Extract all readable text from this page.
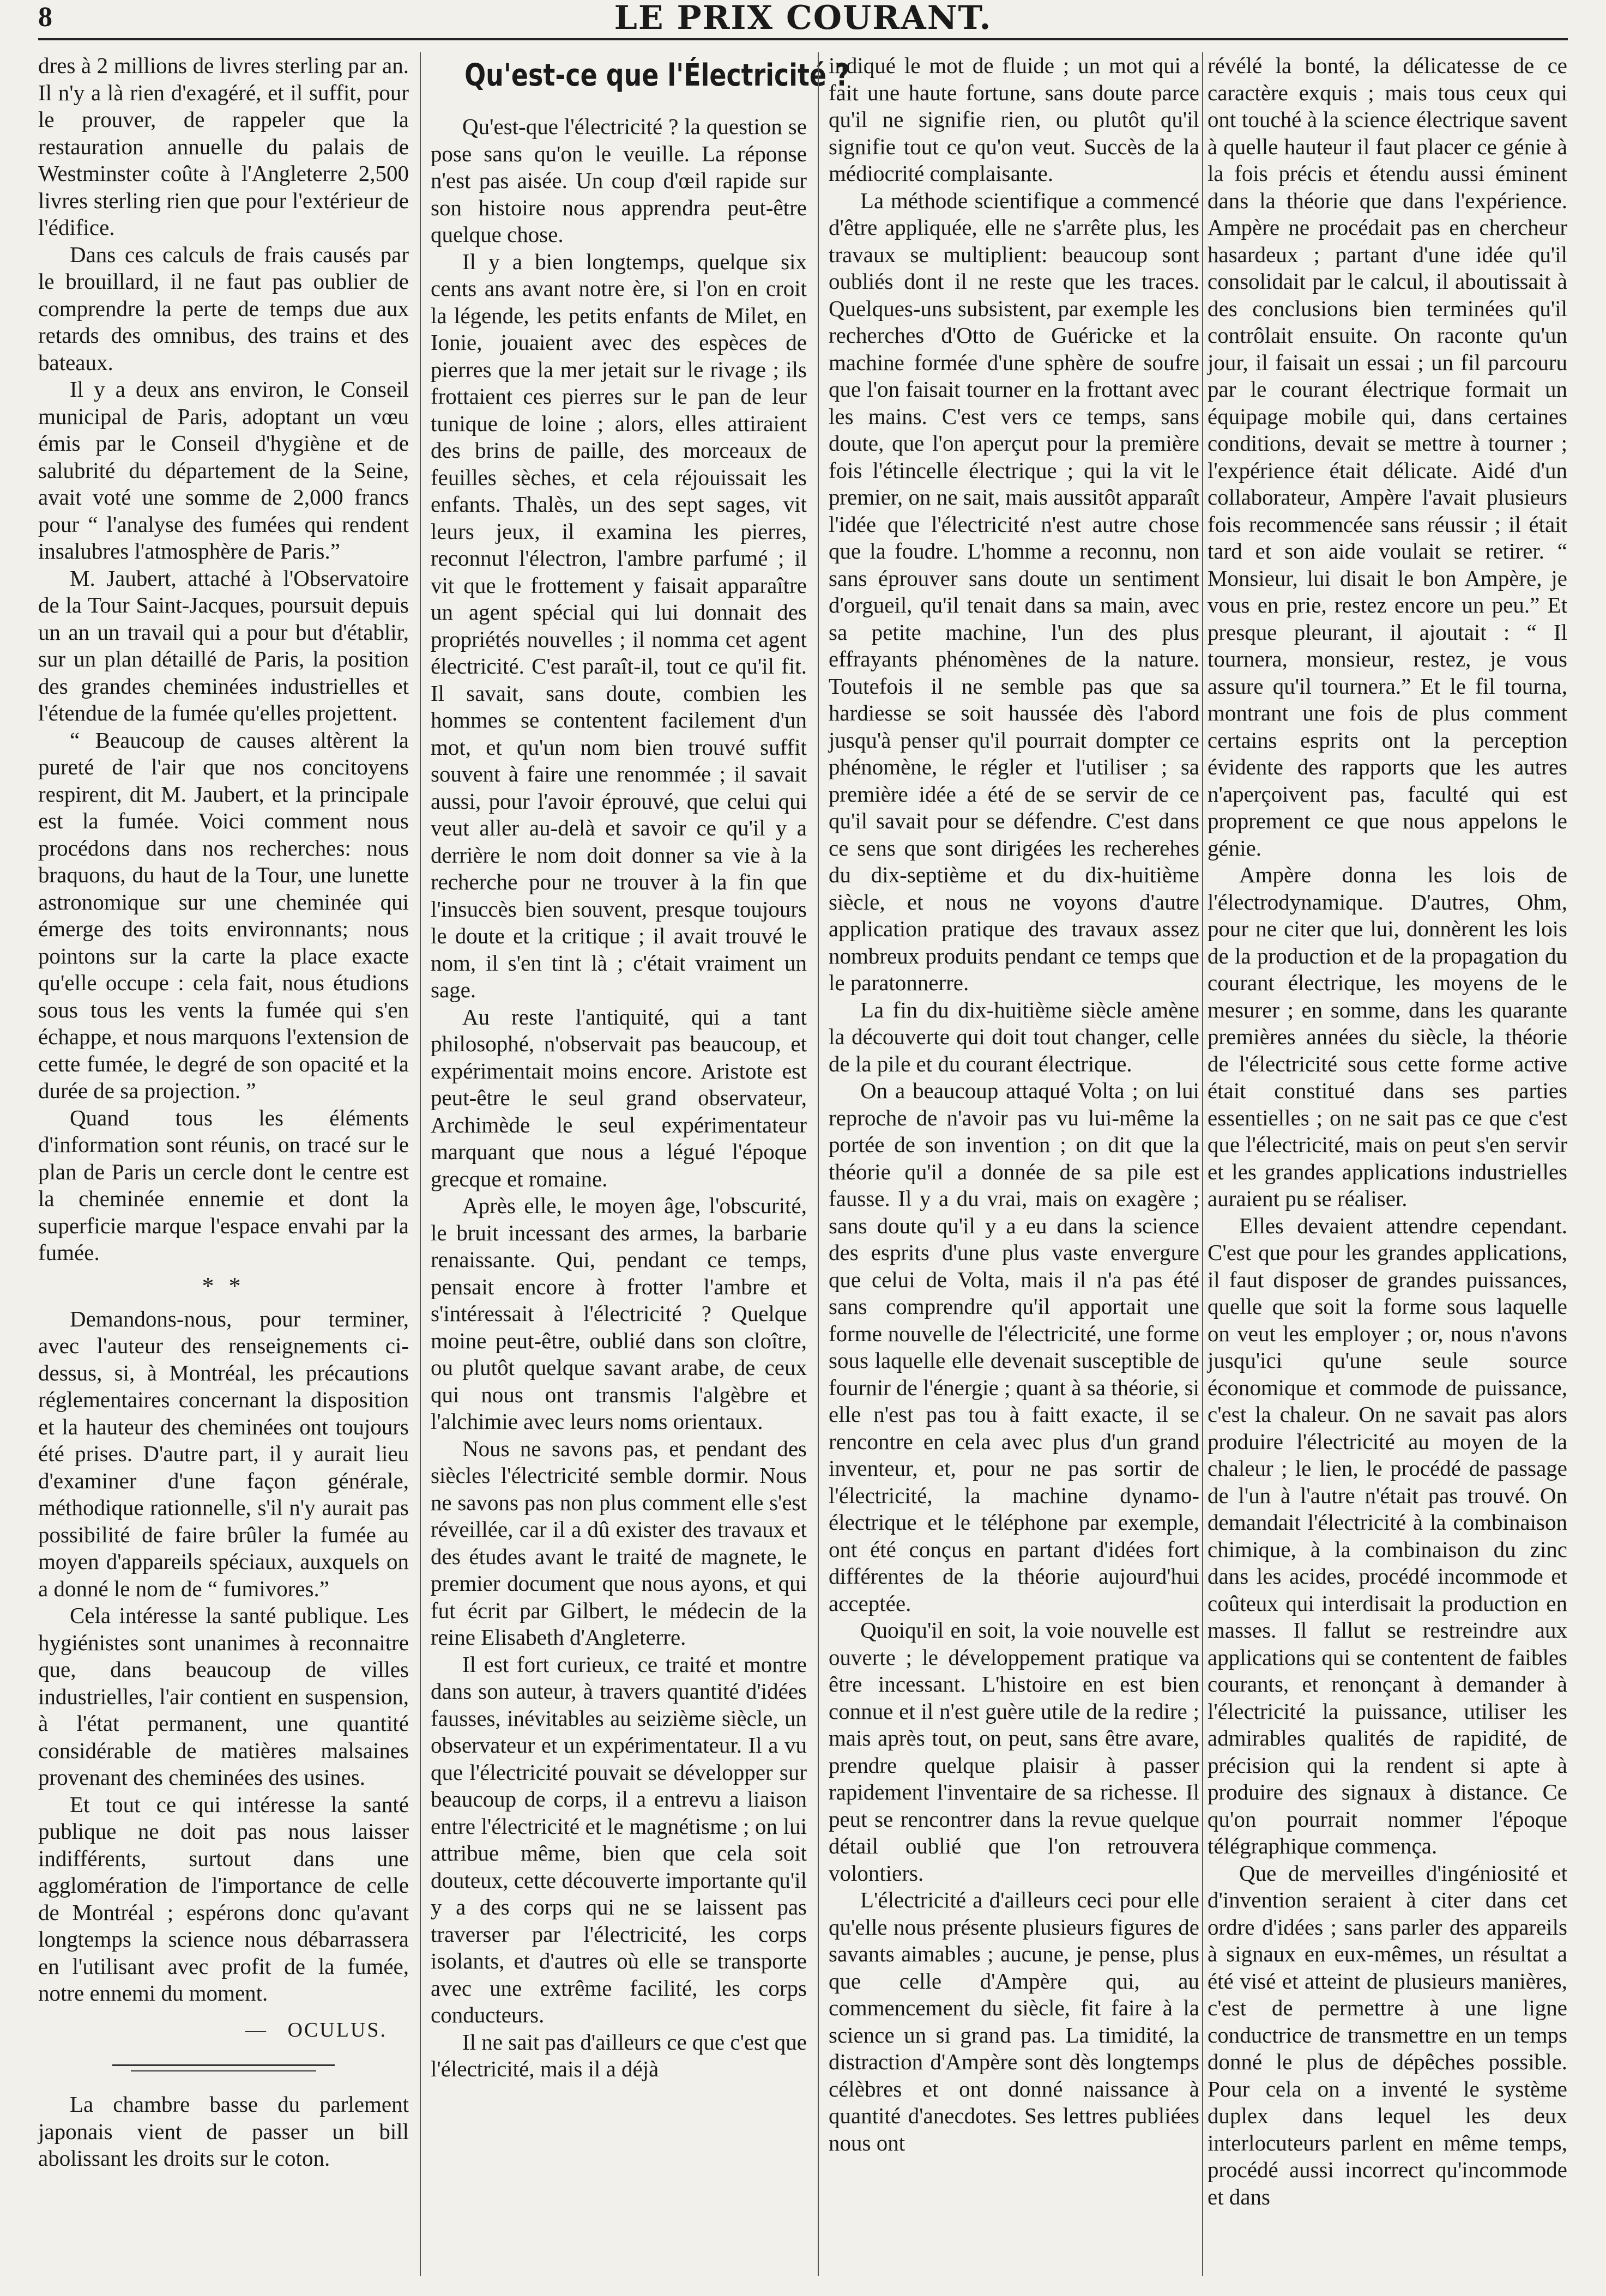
8	LE PRIX COURANT.

dres à 2 millions de livres sterling par an. Il n'y a là rien d'exagéré, et il suffit, pour le prouver, de rappeler que la restauration annuelle du palais de Westminster coûte à l'Angleterre 2,500 livres sterling rien que pour l'extérieur de l'édifice.

Dans ces calculs de frais causés par le brouillard, il ne faut pas oublier de comprendre la perte de temps due aux retards des omnibus, des trains et des bateaux.

Il y a deux ans environ, le Conseil municipal de Paris, adoptant un vœu émis par le Conseil d'hygiène et de salubrité du département de la Seine, avait voté une somme de 2,000 francs pour “ l'analyse des fumées qui rendent insalubres l'atmosphère de Paris.”

M. Jaubert, attaché à l'Observatoire de la Tour Saint-Jacques, poursuit depuis un an un travail qui a pour but d'établir, sur un plan détaillé de Paris, la position des grandes cheminées industrielles et l'étendue de la fumée qu'elles projettent.

“ Beaucoup de causes altèrent la pureté de l'air que nos concitoyens respirent, dit M. Jaubert, et la principale est la fumée. Voici comment nous procédons dans nos recherches: nous braquons, du haut de la Tour, une lunette astronomique sur une cheminée qui émerge des toits environnants; nous pointons sur la carte la place exacte qu'elle occupe : cela fait, nous étudions sous tous les vents la fumée qui s'en échappe, et nous marquons l'extension de cette fumée, le degré de son opacité et la durée de sa projection. ”

Quand tous les éléments d'information sont réunis, on tracé sur le plan de Paris un cercle dont le centre est la cheminée ennemie et dont la superficie marque l'espace envahi par la fumée.

* *

Demandons-nous, pour terminer, avec l'auteur des renseignements ci-dessus, si, à Montréal, les précautions réglementaires concernant la disposition et la hauteur des cheminées ont toujours été prises. D'autre part, il y aurait lieu d'examiner d'une façon générale, méthodique rationnelle, s'il n'y aurait pas possibilité de faire brûler la fumée au moyen d'appareils spéciaux, auxquels on a donné le nom de “ fumivores.”

Cela intéresse la santé publique. Les hygiénistes sont unanimes à reconnaitre que, dans beaucoup de villes industrielles, l'air contient en suspension, à l'état permanent, une quantité considérable de matières malsaines provenant des cheminées des usines.

Et tout ce qui intéresse la santé publique ne doit pas nous laisser indifférents, surtout dans une agglomération de l'importance de celle de Montréal ; espérons donc qu'avant longtemps la science nous débarrassera en l'utilisant avec profit de la fumée, notre ennemi du moment.

— OCULUS.

La chambre basse du parlement japonais vient de passer un bill abolissant les droits sur le coton.

Qu'est-ce que l'Électricité ?

Qu'est-que l'électricité ? la question se pose sans qu'on le veuille. La réponse n'est pas aisée. Un coup d'œil rapide sur son histoire nous apprendra peut-être quelque chose.

Il y a bien longtemps, quelque six cents ans avant notre ère, si l'on en croit la légende, les petits enfants de Milet, en Ionie, jouaient avec des espèces de pierres que la mer jetait sur le rivage ; ils frottaient ces pierres sur le pan de leur tunique de loine ; alors, elles attiraient des brins de paille, des morceaux de feuilles sèches, et cela réjouissait les enfants. Thalès, un des sept sages, vit leurs jeux, il examina les pierres, reconnut l'électron, l'ambre parfumé ; il vit que le frottement y faisait apparaître un agent spécial qui lui donnait des propriétés nouvelles ; il nomma cet agent électricité. C'est paraît-il, tout ce qu'il fit. Il savait, sans doute, combien les hommes se contentent facilement d'un mot, et qu'un nom bien trouvé suffit souvent à faire une renommée ; il savait aussi, pour l'avoir éprouvé, que celui qui veut aller au-delà et savoir ce qu'il y a derrière le nom doit donner sa vie à la recherche pour ne trouver à la fin que l'insuccès bien souvent, presque toujours le doute et la critique ; il avait trouvé le nom, il s'en tint là ; c'était vraiment un sage.

Au reste l'antiquité, qui a tant philosophé, n'observait pas beaucoup, et expérimentait moins encore. Aristote est peut-être le seul grand observateur, Archimède le seul expérimentateur marquant que nous a légué l'époque grecque et romaine.

Après elle, le moyen âge, l'obscurité, le bruit incessant des armes, la barbarie renaissante. Qui, pendant ce temps, pensait encore à frotter l'ambre et s'intéressait à l'électricité ? Quelque moine peut-être, oublié dans son cloître, ou plutôt quelque savant arabe, de ceux qui nous ont transmis l'algèbre et l'alchimie avec leurs noms orientaux.

Nous ne savons pas, et pendant des siècles l'électricité semble dormir. Nous ne savons pas non plus comment elle s'est réveillée, car il a dû exister des travaux et des études avant le traité de magnete, le premier document que nous ayons, et qui fut écrit par Gilbert, le médecin de la reine Elisabeth d'Angleterre.

Il est fort curieux, ce traité et montre dans son auteur, à travers quantité d'idées fausses, inévitables au seizième siècle, un observateur et un expérimentateur. Il a vu que l'électricité pouvait se développer sur beaucoup de corps, il a entrevu a liaison entre l'électricité et le magnétisme ; on lui attribue même, bien que cela soit douteux, cette découverte importante qu'il y a des corps qui ne se laissent pas traverser par l'électricité, les corps isolants, et d'autres où elle se transporte avec une extrême facilité, les corps conducteurs.

Il ne sait pas d'ailleurs ce que c'est que l'électricité, mais il a déjà

indiqué le mot de fluide ; un mot qui a fait une haute fortune, sans doute parce qu'il ne signifie rien, ou plutôt qu'il signifie tout ce qu'on veut. Succès de la médiocrité complaisante.

La méthode scientifique a commencé d'être appliquée, elle ne s'arrête plus, les travaux se multiplient: beaucoup sont oubliés dont il ne reste que les traces. Quelques-uns subsistent, par exemple les recherches d'Otto de Guéricke et la machine formée d'une sphère de soufre que l'on faisait tourner en la frottant avec les mains. C'est vers ce temps, sans doute, que l'on aperçut pour la première fois l'étincelle électrique ; qui la vit le premier, on ne sait, mais aussitôt apparaît l'idée que l'électricité n'est autre chose que la foudre. L'homme a reconnu, non sans éprouver sans doute un sentiment d'orgueil, qu'il tenait dans sa main, avec sa petite machine, l'un des plus effrayants phénomènes de la nature. Toutefois il ne semble pas que sa hardiesse se soit haussée dès l'abord jusqu'à penser qu'il pourrait dompter ce phénomène, le régler et l'utiliser ; sa première idée a été de se servir de ce qu'il savait pour se défendre. C'est dans ce sens que sont dirigées les recherehes du dix-septième et du dix-huitième siècle, et nous ne voyons d'autre application pratique des travaux assez nombreux produits pendant ce temps que le paratonnerre.

La fin du dix-huitième siècle amène la découverte qui doit tout changer, celle de la pile et du courant électrique.

On a beaucoup attaqué Volta ; on lui reproche de n'avoir pas vu lui-même la portée de son invention ; on dit que la théorie qu'il a donnée de sa pile est fausse. Il y a du vrai, mais on exagère ; sans doute qu'il y a eu dans la science des esprits d'une plus vaste envergure que celui de Volta, mais il n'a pas été sans comprendre qu'il apportait une forme nouvelle de l'électricité, une forme sous laquelle elle devenait susceptible de fournir de l'énergie ; quant à sa théorie, si elle n'est pas tou à faitt exacte, il se rencontre en cela avec plus d'un grand inventeur, et, pour ne pas sortir de l'électricité, la machine dynamo-électrique et le téléphone par exemple, ont été conçus en partant d'idées fort différentes de la théorie aujourd'hui acceptée.

Quoiqu'il en soit, la voie nouvelle est ouverte ; le développement pratique va être incessant. L'histoire en est bien connue et il n'est guère utile de la redire ; mais après tout, on peut, sans être avare, prendre quelque plaisir à passer rapidement l'inventaire de sa richesse. Il peut se rencontrer dans la revue quelque détail oublié que l'on retrouvera volontiers.

L'électricité a d'ailleurs ceci pour elle qu'elle nous présente plusieurs figures de savants aimables ; aucune, je pense, plus que celle d'Ampère qui, au commencement du siècle, fit faire à la science un si grand pas. La timidité, la distraction d'Ampère sont dès longtemps célèbres et ont donné naissance à quantité d'anecdotes. Ses lettres publiées nous ont

révélé la bonté, la délicatesse de ce caractère exquis ; mais tous ceux qui ont touché à la science électrique savent à quelle hauteur il faut placer ce génie à la fois précis et étendu aussi éminent dans la théorie que dans l'expérience. Ampère ne procédait pas en chercheur hasardeux ; partant d'une idée qu'il consolidait par le calcul, il aboutissait à des conclusions bien terminées qu'il contrôlait ensuite. On raconte qu'un jour, il faisait un essai ; un fil parcouru par le courant électrique formait un équipage mobile qui, dans certaines conditions, devait se mettre à tourner ; l'expérience était délicate. Aidé d'un collaborateur, Ampère l'avait plusieurs fois recommencée sans réussir ; il était tard et son aide voulait se retirer. “ Monsieur, lui disait le bon Ampère, je vous en prie, restez encore un peu.” Et presque pleurant, il ajoutait : “ Il tournera, monsieur, restez, je vous assure qu'il tournera.” Et le fil tourna, montrant une fois de plus comment certains esprits ont la perception évidente des rapports que les autres n'aperçoivent pas, faculté qui est proprement ce que nous appelons le génie.

Ampère donna les lois de l'électrodynamique. D'autres, Ohm, pour ne citer que lui, donnèrent les lois de la production et de la propagation du courant électrique, les moyens de le mesurer ; en somme, dans les quarante premières années du siècle, la théorie de l'électricité sous cette forme active était constitué dans ses parties essentielles ; on ne sait pas ce que c'est que l'électricité, mais on peut s'en servir et les grandes applications industrielles auraient pu se réaliser.

Elles devaient attendre cependant. C'est que pour les grandes applications, il faut disposer de grandes puissances, quelle que soit la forme sous laquelle on veut les employer ; or, nous n'avons jusqu'ici qu'une seule source économique et commode de puissance, c'est la chaleur. On ne savait pas alors produire l'électricité au moyen de la chaleur ; le lien, le procédé de passage de l'un à l'autre n'était pas trouvé. On demandait l'électricité à la combinaison chimique, à la combinaison du zinc dans les acides, procédé incommode et coûteux qui interdisait la production en masses. Il fallut se restreindre aux applications qui se contentent de faibles courants, et renonçant à demander à l'électricité la puissance, utiliser les admirables qualités de rapidité, de précision qui la rendent si apte à produire des signaux à distance. Ce qu'on pourrait nommer l'époque télégraphique commença.

Que de merveilles d'ingéniosité et d'invention seraient à citer dans cet ordre d'idées ; sans parler des appareils à signaux en eux-mêmes, un résultat a été visé et atteint de plusieurs manières, c'est de permettre à une ligne conductrice de transmettre en un temps donné le plus de dépêches possible. Pour cela on a inventé le système duplex dans lequel les deux interlocuteurs parlent en même temps, procédé aussi incorrect qu'incommode et dans
